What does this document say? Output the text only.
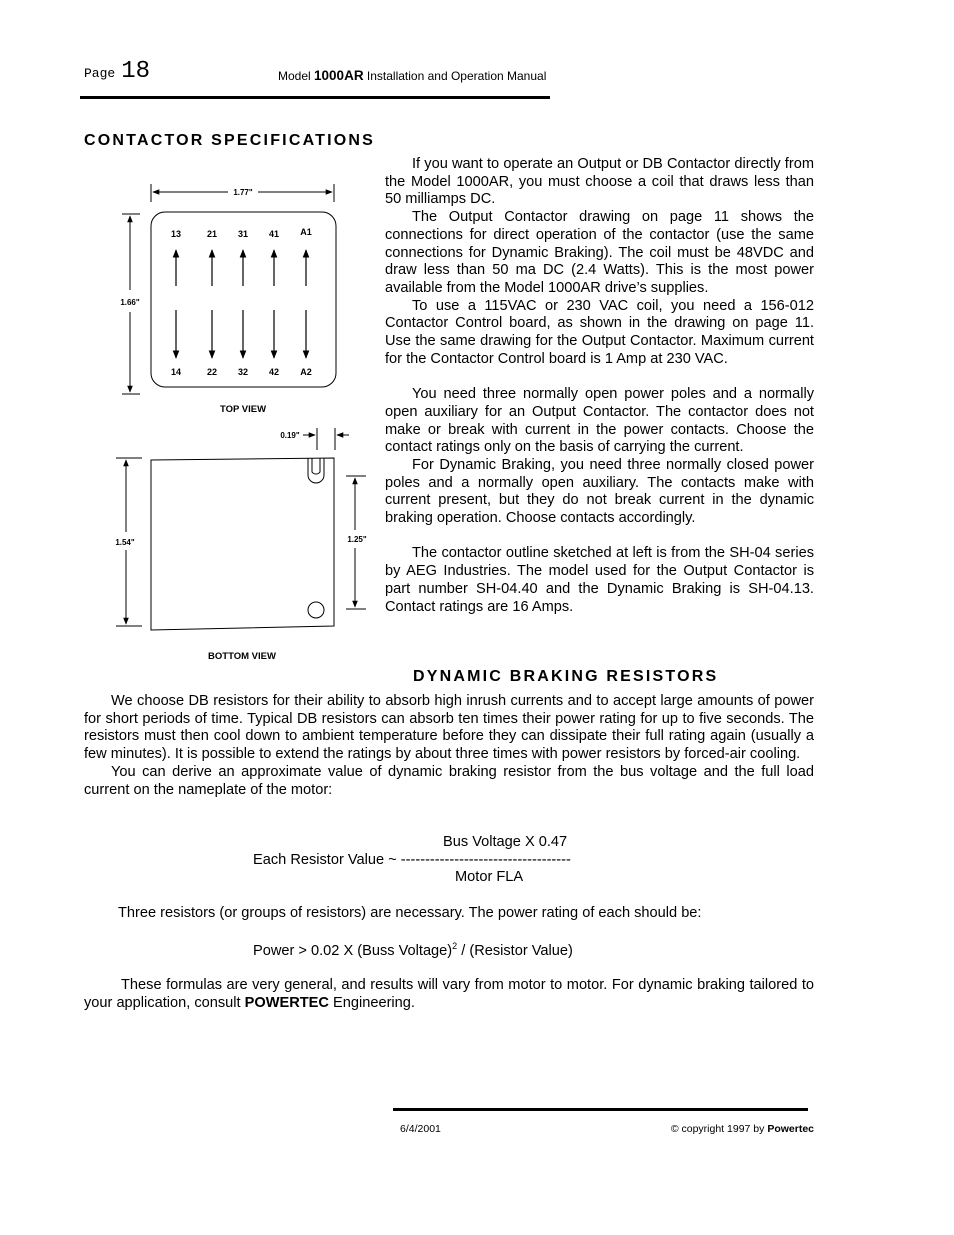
Page 18	Model 1000AR Installation and Operation Manual
CONTACTOR SPECIFICATIONS

If you want to operate an Output or DB Contactor directly from the Model 1000AR, you must choose a coil that draws less than 50 milliamps DC.

The Output Contactor drawing on page 11 shows the connections for direct operation of the contactor (use the same connections for Dynamic Braking). The coil must be 48VDC and draw less than 50 ma DC (2.4 Watts). This is the most power available from the Model 1000AR drive’s supplies.

To use a 115VAC or 230 VAC coil, you need a 156-012 Contactor Control board, as shown in the drawing on page 11. Use the same drawing for the Output Contactor. Maximum current for the Contactor Control board is 1 Amp at 230 VAC.

You need three normally open power poles and a normally open auxiliary for an Output Contactor. The contactor does not make or break with current in the power contacts. Choose the contact ratings only on the basis of carrying the current.

For Dynamic Braking, you need three normally closed power poles and a normally open auxiliary. The contacts make with current present, but they do not break current in the dynamic braking operation. Choose contacts accordingly.

The contactor outline sketched at left is from the SH-04 series by AEG Industries. The model used for the Output Contactor is part number SH-04.40 and the Dynamic Braking is SH-04.13. Contact ratings are 16 Amps.

1.77"
1.66"
13	21 31 41 A1
14	22 32 42 A2
TOP VIEW
0.19"
1.54"	1.25"
BOTTOM VIEW
DYNAMIC BRAKING RESISTORS

We choose DB resistors for their ability to absorb high inrush currents and to accept large amounts of power for short periods of time. Typical DB resistors can absorb ten times their power rating for up to five seconds. The resistors must then cool down to ambient temperature before they can dissipate their full rating again (usually a few minutes). It is possible to extend the ratings by about three times with power resistors by forced-air cooling.

You can derive an approximate value of dynamic braking resistor from the bus voltage and the full load current on the nameplate of the motor:

Bus Voltage X 0.47
Each Resistor Value ~ -----------------------------------
Motor FLA
Three resistors (or groups of resistors) are necessary. The power rating of each should be:
Power > 0.02 X (Buss Voltage)$^2$ / (Resistor Value)

These formulas are very general, and results will vary from motor to motor. For dynamic braking tailored to your application, consult POWERTEC Engineering.

6/4/2001	© copyright 1997 by Powertec
